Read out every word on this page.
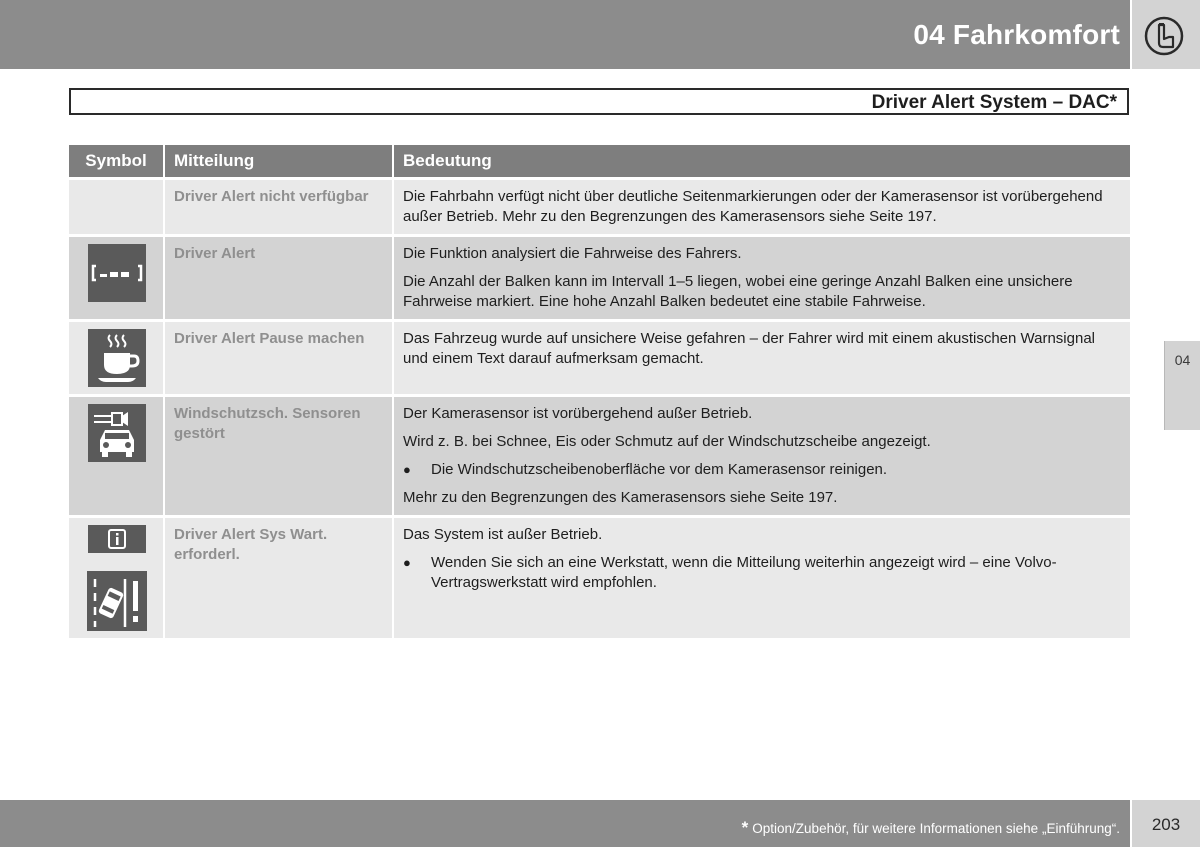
04 Fahrkomfort
Driver Alert System – DAC*
04
Symbol	Mitteilung	Bedeutung
	Driver Alert nicht verfügbar	Die Fahrbahn verfügt nicht über deutliche Seitenmarkierungen oder der Kamerasensor ist vorübergehend außer Betrieb. Mehr zu den Begrenzungen des Kamerasensors siehe Seite 197.

	Driver Alert	Die Funktion analysiert die Fahrweise des Fahrers.

Die Anzahl der Balken kann im Intervall 1–5 liegen, wobei eine geringe Anzahl Balken eine unsichere Fahrweise markiert. Eine hohe Anzahl Balken bedeutet eine stabile Fahrweise.

	Driver Alert Pause machen	Das Fahrzeug wurde auf unsichere Weise gefahren – der Fahrer wird mit einem akustischen Warnsignal und einem Text darauf aufmerksam gemacht.

	Windschutzsch. Sensoren gestört	Der Kamerasensor ist vorübergehend außer Betrieb.

Wird z. B. bei Schnee, Eis oder Schmutz auf der Windschutzscheibe angezeigt.

● Die Windschutzscheibenoberfläche vor dem Kamerasensor reinigen.

Mehr zu den Begrenzungen des Kamerasensors siehe Seite 197.

	Driver Alert Sys Wart. erforderl.	Das System ist außer Betrieb.

● Wenden Sie sich an eine Werkstatt, wenn die Mitteilung weiterhin angezeigt wird – eine Volvo-Vertragswerkstatt wird empfohlen.
* Option/Zubehör, für weitere Informationen siehe „Einführung“.	203
